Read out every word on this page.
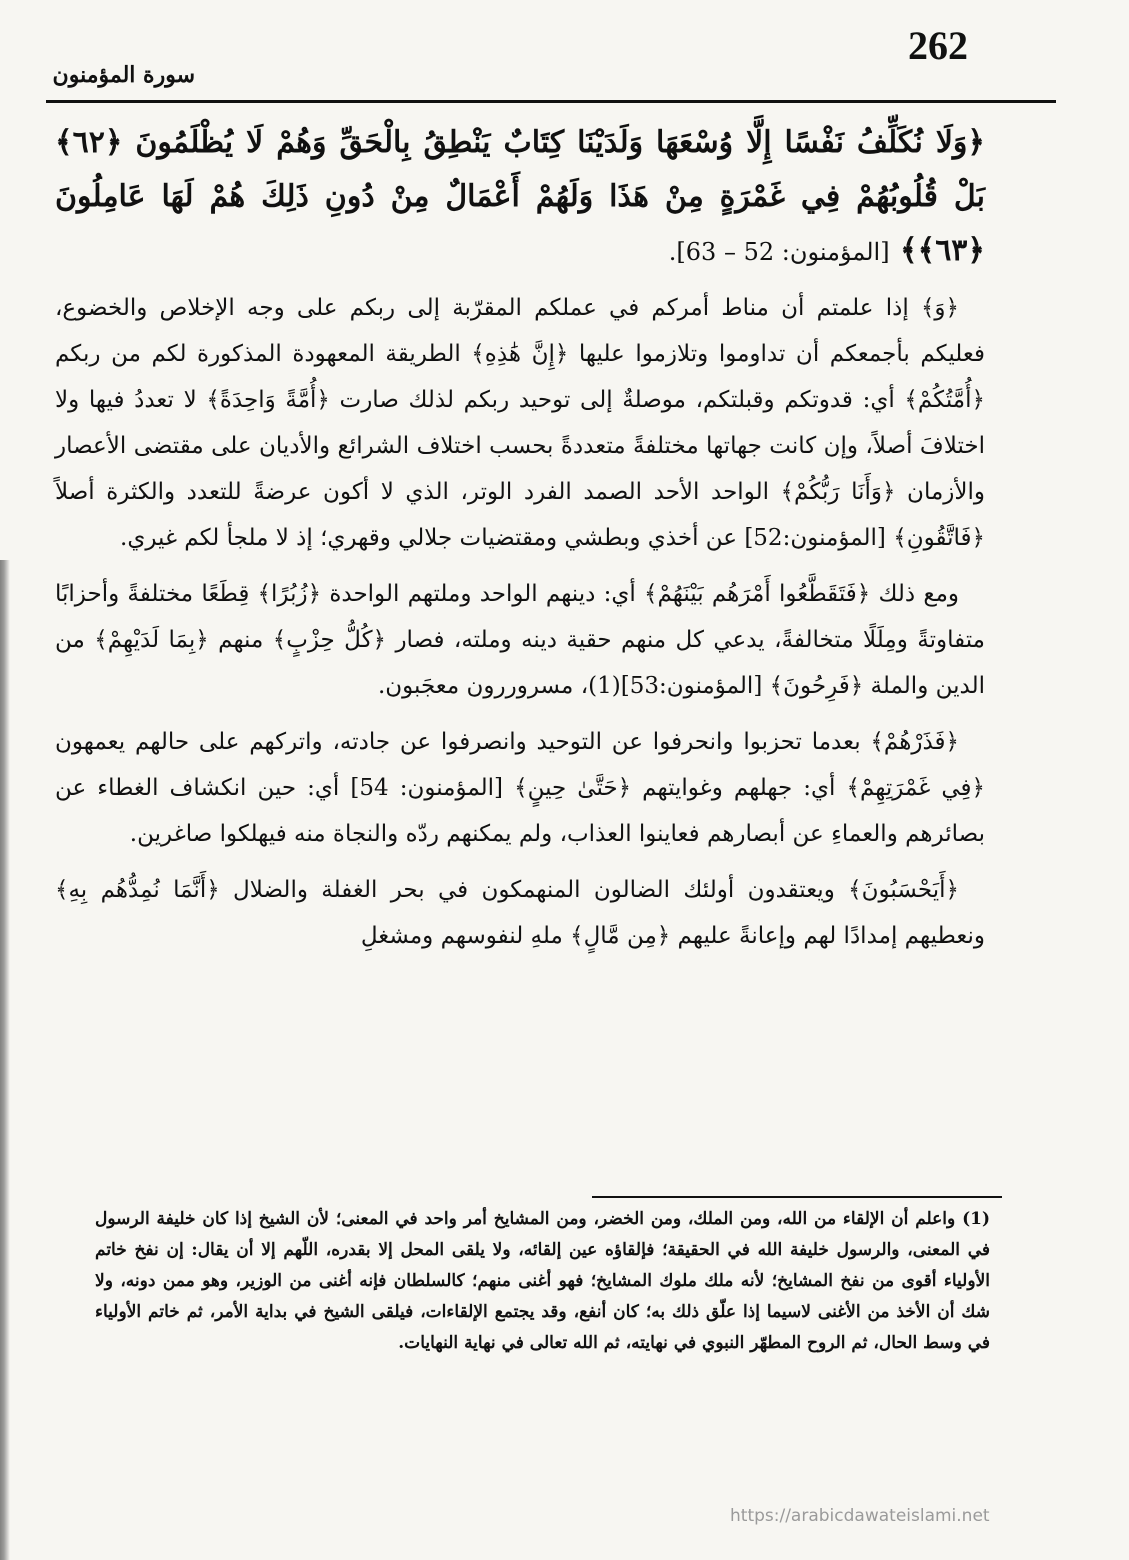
262
سورة المؤمنون
﴿وَلَا نُكَلِّفُ نَفْسًا إِلَّا وُسْعَهَا وَلَدَيْنَا كِتَابٌ يَنْطِقُ بِالْحَقِّ وَهُمْ لَا يُظْلَمُونَ ﴿٦٢﴾ بَلْ قُلُوبُهُمْ فِي غَمْرَةٍ مِنْ هَذَا وَلَهُمْ أَعْمَالٌ مِنْ دُونِ ذَلِكَ هُمْ لَهَا عَامِلُونَ ﴿٦٣﴾﴾ [المؤمنون: 52 – 63].

﴿وَ﴾ إذا علمتم أن مناط أمركم في عملكم المقرّبة إلى ربكم على وجه الإخلاص والخضوع، فعليكم بأجمعكم أن تداوموا وتلازموا عليها ﴿إِنَّ هَٰذِهِ﴾ الطريقة المعهودة المذكورة لكم من ربكم ﴿أُمَّتُكُمْ﴾ أي: قدوتكم وقبلتكم، موصلةٌ إلى توحيد ربكم لذلك صارت ﴿أُمَّةً وَاحِدَةً﴾ لا تعددُ فيها ولا اختلافَ أصلاً، وإن كانت جهاتها مختلفةً متعددةً بحسب اختلاف الشرائع والأديان على مقتضى الأعصار والأزمان ﴿وَأَنَا رَبُّكُمْ﴾ الواحد الأحد الصمد الفرد الوتر، الذي لا أكون عرضةً للتعدد والكثرة أصلاً ﴿فَاتَّقُونِ﴾ [المؤمنون:52] عن أخذي وبطشي ومقتضيات جلالي وقهري؛ إذ لا ملجأ لكم غيري.

ومع ذلك ﴿فَتَقَطَّعُوا أَمْرَهُم بَيْنَهُمْ﴾ أي: دينهم الواحد وملتهم الواحدة ﴿زُبُرًا﴾ قِطَعًا مختلفةً وأحزابًا متفاوتةً ومِلَلًا متخالفةً، يدعي كل منهم حقية دينه وملته، فصار ﴿كُلُّ حِزْبٍ﴾ منهم ﴿بِمَا لَدَيْهِمْ﴾ من الدين والملة ﴿فَرِحُونَ﴾ [المؤمنون:53](1)، مسروررون معجَبون.

﴿فَذَرْهُمْ﴾ بعدما تحزبوا وانحرفوا عن التوحيد وانصرفوا عن جادته، واتركهم على حالهم يعمهون ﴿فِي غَمْرَتِهِمْ﴾ أي: جهلهم وغوايتهم ﴿حَتَّىٰ حِينٍ﴾ [المؤمنون: 54] أي: حين انكشاف الغطاء عن بصائرهم والعماءِ عن أبصارهم فعاينوا العذاب، ولم يمكنهم ردّه والنجاة منه فيهلكوا صاغرين.

﴿أَيَحْسَبُونَ﴾ ويعتقدون أولئك الضالون المنهمكون في بحر الغفلة والضلال ﴿أَنَّمَا نُمِدُّهُم بِهِ﴾ ونعطيهم إمدادًا لهم وإعانةً عليهم ﴿مِن مَّالٍ﴾ ملهِ لنفوسهم ومشغلِ

(1) واعلم أن الإلقاء من الله، ومن الملك، ومن الخضر، ومن المشايخ أمر واحد في المعنى؛ لأن الشيخ إذا كان خليفة الرسول في المعنى، والرسول خليفة الله في الحقيقة؛ فإلقاؤه عين إلقائه، ولا يلقى المحل إلا بقدره، اللّهم إلا أن يقال: إن نفخ خاتم الأولياء أقوى من نفخ المشايخ؛ لأنه ملك ملوك المشايخ؛ فهو أغنى منهم؛ كالسلطان فإنه أغنى من الوزير، وهو ممن دونه، ولا شك أن الأخذ من الأغنى لاسيما إذا علّق ذلك به؛ كان أنفع، وقد يجتمع الإلقاءات، فيلقى الشيخ في بداية الأمر، ثم خاتم الأولياء في وسط الحال، ثم الروح المطهّر النبوي في نهايته، ثم الله تعالى في نهاية النهايات.
https://arabicdawateislami.net
